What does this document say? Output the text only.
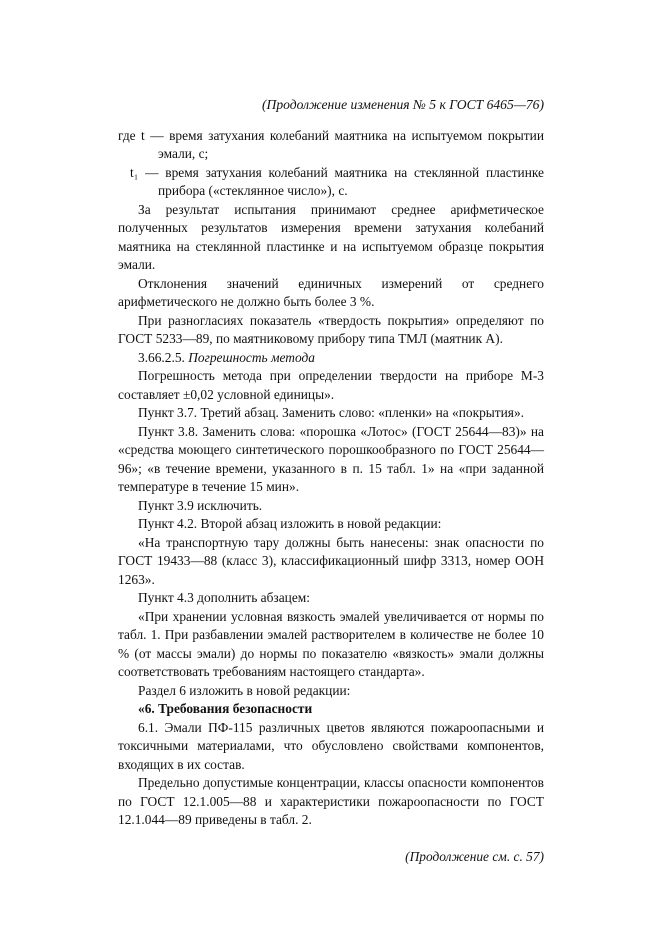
(Продолжение изменения № 5 к ГОСТ 6465—76)

где t — время затухания колебаний маятника на испытуемом покрытии эмали, с;

t₁ — время затухания колебаний маятника на стеклянной пластинке прибора («стеклянное число»), с.

За результат испытания принимают среднее арифметическое полученных результатов измерения времени затухания колебаний маятника на стеклянной пластинке и на испытуемом образце покрытия эмали.

Отклонения значений единичных измерений от среднего арифметического не должно быть более 3 %.

При разногласиях показатель «твердость покрытия» определяют по ГОСТ 5233—89, по маятниковому прибору типа ТМЛ (маятник А).

3.66.2.5. Погрешность метода

Погрешность метода при определении твердости на приборе М-3 составляет ±0,02 условной единицы».

Пункт 3.7. Третий абзац. Заменить слово: «пленки» на «покрытия».

Пункт 3.8. Заменить слова: «порошка «Лотос» (ГОСТ 25644—83)» на «средства моющего синтетического порошкообразного по ГОСТ 25644—96»; «в течение времени, указанного в п. 15 табл. 1» на «при заданной температуре в течение 15 мин».

Пункт 3.9 исключить.

Пункт 4.2. Второй абзац изложить в новой редакции:

«На транспортную тару должны быть нанесены: знак опасности по ГОСТ 19433—88 (класс 3), классификационный шифр 3313, номер ООН 1263».

Пункт 4.3 дополнить абзацем:

«При хранении условная вязкость эмалей увеличивается от нормы по табл. 1. При разбавлении эмалей растворителем в количестве не более 10 % (от массы эмали) до нормы по показателю «вязкость» эмали должны соответствовать требованиям настоящего стандарта».

Раздел 6 изложить в новой редакции:

«6. Требования безопасности

6.1. Эмали ПФ-115 различных цветов являются пожароопасными и токсичными материалами, что обусловлено свойствами компонентов, входящих в их состав.

Предельно допустимые концентрации, классы опасности компонентов по ГОСТ 12.1.005—88 и характеристики пожароопасности по ГОСТ 12.1.044—89 приведены в табл. 2.

(Продолжение см. с. 57)
